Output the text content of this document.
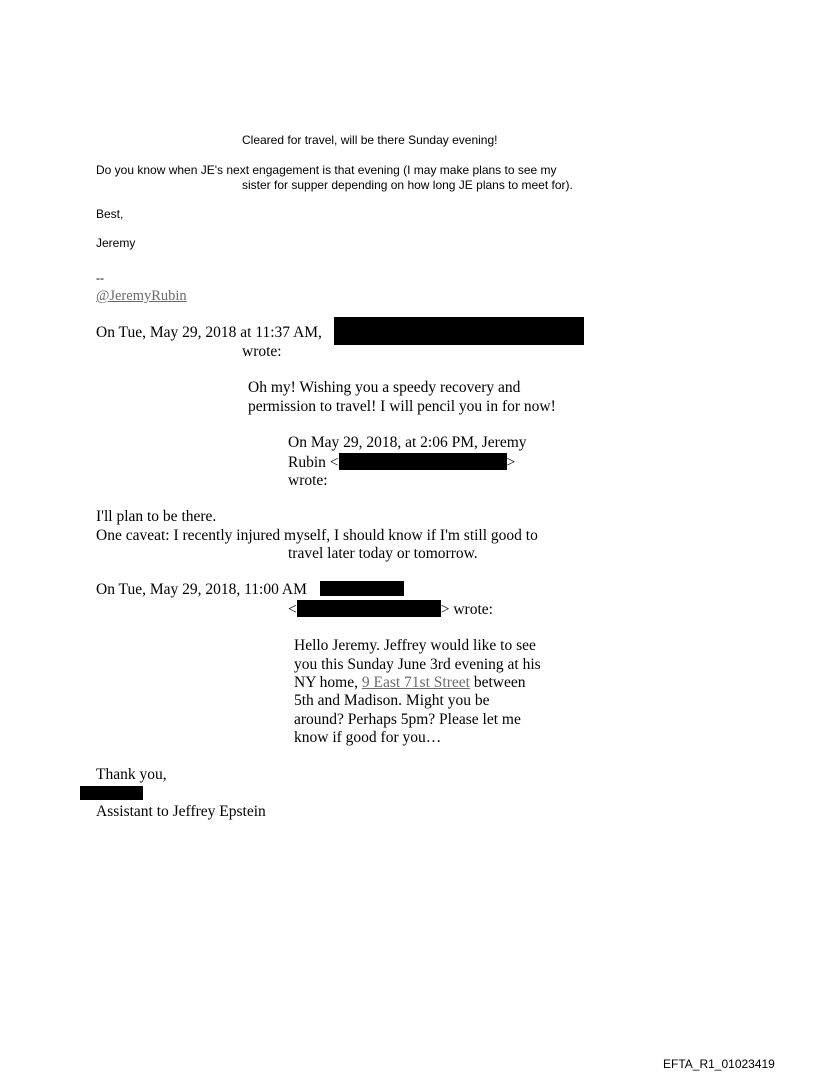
Cleared for travel, will be there Sunday evening!
Do you know when JE's next engagement is that evening (I may make plans to see my
sister for supper depending on how long JE plans to meet for).
Best,
Jeremy
--
@JeremyRubin
On Tue, May 29, 2018 at 11:37 AM,
wrote:
Oh my! Wishing you a speedy recovery and
permission to travel! I will pencil you in for now!
On May 29, 2018, at 2:06 PM, Jeremy
Rubin <	>
wrote:
I'll plan to be there.
One caveat: I recently injured myself, I should know if I'm still good to
travel later today or tomorrow.
On Tue, May 29, 2018, 11:00 AM
<	> wrote:
Hello Jeremy. Jeffrey would like to see
you this Sunday June 3rd evening at his
NY home, 9 East 71st Street between
5th and Madison. Might you be
around? Perhaps 5pm? Please let me
know if good for you…
Thank you,
Assistant to Jeffrey Epstein
EFTA_R1_01023419
